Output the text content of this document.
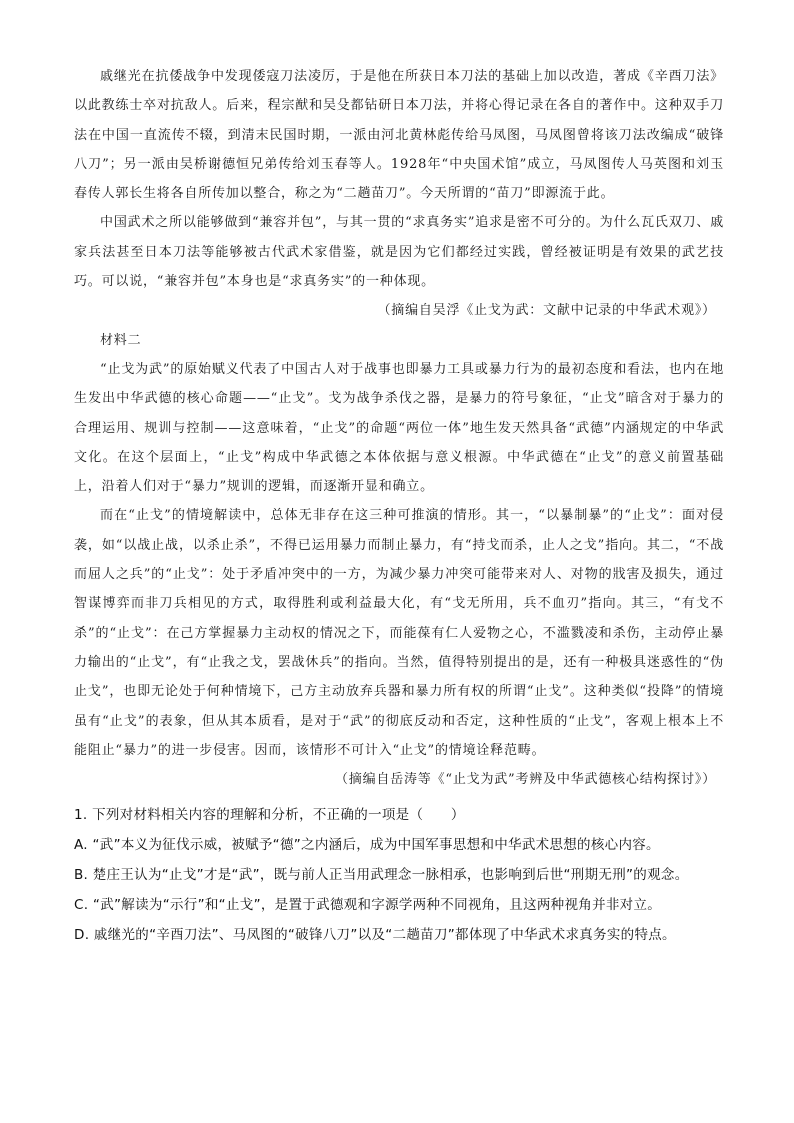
戚继光在抗倭战争中发现倭寇刀法凌厉，于是他在所获日本刀法的基础上加以改造，著成《辛酉刀法》以此教练士卒对抗敌人。后来，程宗猷和吴殳都钻研日本刀法，并将心得记录在各自的著作中。这种双手刀法在中国一直流传不辍，到清末民国时期，一派由河北黄林彪传给马凤图，马凤图曾将该刀法改编成“破锋八刀”；另一派由吴桥谢德恒兄弟传给刘玉春等人。1928年“中央国术馆”成立，马凤图传人马英图和刘玉春传人郭长生将各自所传加以整合，称之为“二趟苗刀”。今天所谓的“苗刀”即源流于此。

中国武术之所以能够做到“兼容并包”，与其一贯的“求真务实”追求是密不可分的。为什么瓦氏双刀、戚家兵法甚至日本刀法等能够被古代武术家借鉴，就是因为它们都经过实践，曾经被证明是有效果的武艺技巧。可以说，“兼容并包”本身也是“求真务实”的一种体现。

（摘编自吴浮《止戈为武：文献中记录的中华武术观》）

材料二

“止戈为武”的原始赋义代表了中国古人对于战事也即暴力工具或暴力行为的最初态度和看法，也内在地生发出中华武德的核心命题——“止戈”。戈为战争杀伐之器，是暴力的符号象征，“止戈”暗含对于暴力的合理运用、规训与控制——这意味着，“止戈”的命题“两位一体”地生发天然具备“武德”内涵规定的中华武文化。在这个层面上，“止戈”构成中华武德之本体依据与意义根源。中华武德在“止戈”的意义前置基础上，沿着人们对于“暴力”规训的逻辑，而逐渐开显和确立。

而在“止戈”的情境解读中，总体无非存在这三种可推演的情形。其一，“以暴制暴”的“止戈”：面对侵袭，如“以战止战，以杀止杀”，不得已运用暴力而制止暴力，有“持戈而杀，止人之戈”指向。其二，“不战而屈人之兵”的“止戈”：处于矛盾冲突中的一方，为减少暴力冲突可能带来对人、对物的戕害及损失，通过智谋博弈而非刀兵相见的方式，取得胜利或利益最大化，有“戈无所用，兵不血刃”指向。其三，“有戈不杀”的“止戈”：在己方掌握暴力主动权的情况之下，而能葆有仁人爱物之心，不滥戮凌和杀伤，主动停止暴力输出的“止戈”，有“止我之戈，罢战休兵”的指向。当然，值得特别提出的是，还有一种极具迷惑性的“伪止戈”，也即无论处于何种情境下，己方主动放弃兵器和暴力所有权的所谓“止戈”。这种类似“投降”的情境虽有“止戈”的表象，但从其本质看，是对于“武”的彻底反动和否定，这种性质的“止戈”，客观上根本上不能阻止“暴力”的进一步侵害。因而，该情形不可计入“止戈”的情境诠释范畴。

（摘编自岳涛等《“止戈为武”考辨及中华武德核心结构探讨》）

1. 下列对材料相关内容的理解和分析，不正确的一项是（　　）

A. “武”本义为征伐示威，被赋予“德”之内涵后，成为中国军事思想和中华武术思想的核心内容。

B. 楚庄王认为“止戈”才是“武”，既与前人正当用武理念一脉相承，也影响到后世“刑期无刑”的观念。

C. “武”解读为“示行”和“止戈”，是置于武德观和字源学两种不同视角，且这两种视角并非对立。

D. 戚继光的“辛酉刀法”、马凤图的“破锋八刀”以及“二趟苗刀”都体现了中华武术求真务实的特点。
